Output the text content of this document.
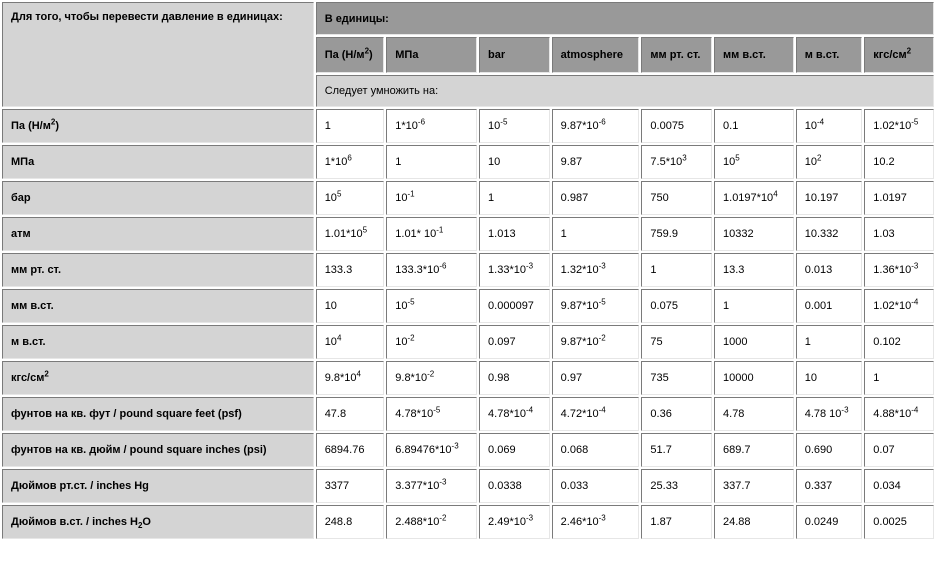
Для того, чтобы перевести давление в единицах:	В единицы:							
	Па $(Н/м^2)$	МПа	bar	atmosphere	мм рт. ст.	мм в.ст.	м в.ст.	кгс/$см^2$
	Следует умножить на:							
Па $(Н/м^2)$	1	$1*10^{-6}$	$10^{-5}$	$9.87*10^{-6}$	0.0075	0.1	$10^{-4}$	$1.02*10^{-5}$
МПа	$1*10^6$	1	10	9.87	$7.5*10^3$	$10^5$	$10^2$	10.2
бар	$10^5$	$10^{-1}$	1	0.987	750	$1.0197*10^4$	10.197	1.0197
атм	$1.01*10^5$	1.01* $10^{-1}$	1.013	1	759.9	10332	10.332	1.03
мм рт. ст.	133.3	$133.3*10^{-6}$	$1.33*10^{-3}$	$1.32*10^{-3}$	1	13.3	0.013	$1.36*10^{-3}$
мм в.ст.	10	$10^{-5}$	0.000097	$9.87*10^{-5}$	0.075	1	0.001	$1.02*10^{-4}$
м в.ст.	$10^4$	$10^{-2}$	0.097	$9.87*10^{-2}$	75	1000	1	0.102
кгс/$см^2$	$9.8*10^4$	$9.8*10^{-2}$	0.98	0.97	735	10000	10	1
фунтов на кв. фут / pound square feet (psf)	47.8	$4.78*10^{-5}$	$4.78*10^{-4}$	$4.72*10^{-4}$	0.36	4.78	4.78 $10^{-3}$	$4.88*10^{-4}$
фунтов на кв. дюйм / pound square inches (psi)	6894.76	$6.89476*10^{-3}$	0.069	0.068	51.7	689.7	0.690	0.07
Дюймов рт.ст. / inches Hg	3377	$3.377*10^{-3}$	0.0338	0.033	25.33	337.7	0.337	0.034
Дюймов в.ст. / inches $H_2O$	248.8	$2.488*10^{-2}$	$2.49*10^{-3}$	$2.46*10^{-3}$	1.87	24.88	0.0249	0.0025
